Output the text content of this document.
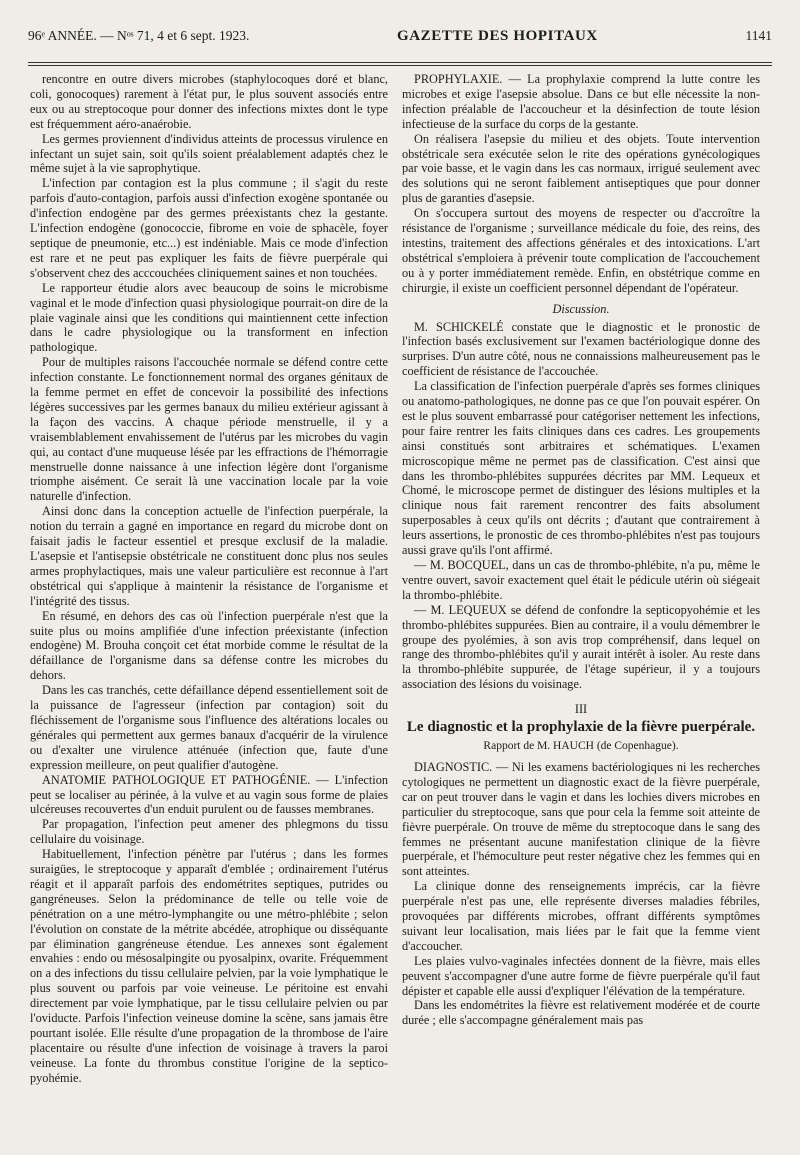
96ᵉ ANNÉE. — Nᵒˢ 71, 4 et 6 sept. 1923.	GAZETTE DES HOPITAUX	1141

rencontre en outre divers microbes (staphylocoques doré et blanc, coli, gonocoques) rarement à l'état pur, le plus souvent associés entre eux ou au streptocoque pour donner des infections mixtes dont le type est fréquemment aéro-anaérobie.

Les germes proviennent d'individus atteints de processus virulence en infectant un sujet sain, soit qu'ils soient préalablement adaptés chez le même sujet à la vie saprophytique.

L'infection par contagion est la plus commune ; il s'agit du reste parfois d'auto-contagion, parfois aussi d'infection exogène spontanée ou d'infection endogène par des germes préexistants chez la gestante. L'infection endogène (gonococcie, fibrome en voie de sphacèle, foyer septique de pneumonie, etc...) est indéniable. Mais ce mode d'infection est rare et ne peut pas expliquer les faits de fièvre puerpérale qui s'observent chez des acccouchées cliniquement saines et non touchées.

Le rapporteur étudie alors avec beaucoup de soins le microbisme vaginal et le mode d'infection quasi physiologique pourrait-on dire de la plaie vaginale ainsi que les conditions qui maintiennent cette infection dans le cadre physiologique ou la transforment en infection pathologique.

Pour de multiples raisons l'accouchée normale se défend contre cette infection constante. Le fonctionnement normal des organes génitaux de la femme permet en effet de concevoir la possibilité des infections légères successives par les germes banaux du milieu extérieur agissant à la façon des vaccins. A chaque période menstruelle, il y a vraisemblablement envahissement de l'utérus par les microbes du vagin qui, au contact d'une muqueuse lésée par les effractions de l'hémorragie menstruelle donne naissance à une infection légère dont l'organisme triomphe aisément. Ce serait là une vaccination locale par la voie naturelle d'infection.

Ainsi donc dans la conception actuelle de l'infection puerpérale, la notion du terrain a gagné en importance en regard du microbe dont on faisait jadis le facteur essentiel et presque exclusif de la maladie. L'asepsie et l'antisepsie obstétricale ne constituent donc plus nos seules armes prophylactiques, mais une valeur particulière est reconnue à l'art obstétrical qui s'applique à maintenir la résistance de l'organisme et l'intégrité des tissus.

En résumé, en dehors des cas où l'infection puerpérale n'est que la suite plus ou moins amplifiée d'une infection préexistante (infection endogène) M. Brouha conçoit cet état morbide comme le résultat de la défaillance de l'organisme dans sa défense contre les microbes du dehors.

Dans les cas tranchés, cette défaillance dépend essentiellement soit de la puissance de l'agresseur (infection par contagion) soit du fléchissement de l'organisme sous l'influence des altérations locales ou générales qui permettent aux germes banaux d'acquérir de la virulence ou d'exalter une virulence atténuée (infection que, faute d'une expression meilleure, on peut qualifier d'autogène.

ANATOMIE PATHOLOGIQUE ET PATHOGÉNIE. — L'infection peut se localiser au périnée, à la vulve et au vagin sous forme de plaies ulcéreuses recouvertes d'un enduit purulent ou de fausses membranes.

Par propagation, l'infection peut amener des phlegmons du tissu cellulaire du voisinage.

Habituellement, l'infection pénètre par l'utérus ; dans les formes suraigües, le streptocoque y apparaît d'emblée ; ordinairement l'utérus réagit et il apparaît parfois des endométrites septiques, putrides ou gangréneuses. Selon la prédominance de telle ou telle voie de pénétration on a une métro-lymphangite ou une métro-phlébite ; selon l'évolution on constate de la métrite abcédée, atrophique ou disséquante par élimination gangréneuse étendue. Les annexes sont également envahies : endo ou mésosalpingite ou pyosalpinx, ovarite. Fréquemment on a des infections du tissu cellulaire pelvien, par la voie lymphatique le plus souvent ou parfois par voie veineuse. Le péritoine est envahi directement par voie lymphatique, par le tissu cellulaire pelvien ou par l'oviducte. Parfois l'infection veineuse domine la scène, sans jamais être pourtant isolée. Elle résulte d'une propagation de la thrombose de l'aire placentaire ou résulte d'une infection de voisinage à travers la paroi veineuse. La fonte du thrombus constitue l'origine de la septico-pyohémie.

PROPHYLAXIE. — La prophylaxie comprend la lutte contre les microbes et exige l'asepsie absolue. Dans ce but elle nécessite la non-infection préalable de l'accoucheur et la désinfection de toute lésion infectieuse de la surface du corps de la gestante.

On réalisera l'asepsie du milieu et des objets. Toute intervention obstétricale sera exécutée selon le rite des opérations gynécologiques par voie basse, et le vagin dans les cas normaux, irrigué seulement avec des solutions qui ne seront faiblement antiseptiques que pour donner plus de garanties d'asepsie.

On s'occupera surtout des moyens de respecter ou d'accroître la résistance de l'organisme ; surveillance médicale du foie, des reins, des intestins, traitement des affections générales et des intoxications. L'art obstétrical s'emploiera à prévenir toute complication de l'accouchement ou à y porter immédiatement remède. Enfin, en obstétrique comme en chirurgie, il existe un coefficient personnel dépendant de l'opérateur.

Discussion.

M. SCHICKELÉ constate que le diagnostic et le pronostic de l'infection basés exclusivement sur l'examen bactériologique donne des surprises. D'un autre côté, nous ne connaissions malheureusement pas le coefficient de résistance de l'accouchée.

La classification de l'infection puerpérale d'après ses formes cliniques ou anatomo-pathologiques, ne donne pas ce que l'on pouvait espérer. On est le plus souvent embarrassé pour catégoriser nettement les infections, pour faire rentrer les faits cliniques dans ces cadres. Les groupements ainsi constitués sont arbitraires et schématiques. L'examen microscopique même ne permet pas de classification. C'est ainsi que dans les thrombo-phlébites suppurées décrites par MM. Lequeux et Chomé, le microscope permet de distinguer des lésions multiples et la clinique nous fait rarement rencontrer des faits absolument superposables à ceux qu'ils ont décrits ; d'autant que contrairement à leurs assertions, le pronostic de ces thrombo-phlébites n'est pas toujours aussi grave qu'ils l'ont affirmé.

— M. BOCQUEL, dans un cas de thrombo-phlébite, n'a pu, même le ventre ouvert, savoir exactement quel était le pédicule utérin où siégeait la thrombo-phlébite.

— M. LEQUEUX se défend de confondre la septicopyohémie et les thrombo-phlébites suppurées. Bien au contraire, il a voulu démembrer le groupe des pyolémies, à son avis trop compréhensif, dans lequel on range des thrombo-phlébites qu'il y aurait intérêt à isoler. Au reste dans la thrombo-phlébite suppurée, de l'étage supérieur, il y a toujours association des lésions du voisinage.

III

Le diagnostic et la prophylaxie de la fièvre puerpérale.

Rapport de M. HAUCH (de Copenhague).

DIAGNOSTIC. — Ni les examens bactériologiques ni les recherches cytologiques ne permettent un diagnostic exact de la fièvre puerpérale, car on peut trouver dans le vagin et dans les lochies divers microbes en particulier du streptocoque, sans que pour cela la femme soit atteinte de fièvre puerpérale. On trouve de même du streptocoque dans le sang des femmes ne présentant aucune manifestation clinique de la fièvre puerpérale, et l'hémoculture peut rester négative chez les femmes qui en sont atteintes.

La clinique donne des renseignements imprécis, car la fièvre puerpérale n'est pas une, elle représente diverses maladies fébriles, provoquées par différents microbes, offrant différents symptômes suivant leur localisation, mais liées par le fait que la femme vient d'accoucher.

Les plaies vulvo-vaginales infectées donnent de la fièvre, mais elles peuvent s'accompagner d'une autre forme de fièvre puerpérale qu'il faut dépister et capable elle aussi d'expliquer l'élévation de la température.

Dans les endométrites la fièvre est relativement modérée et de courte durée ; elle s'accompagne généralement mais pas
